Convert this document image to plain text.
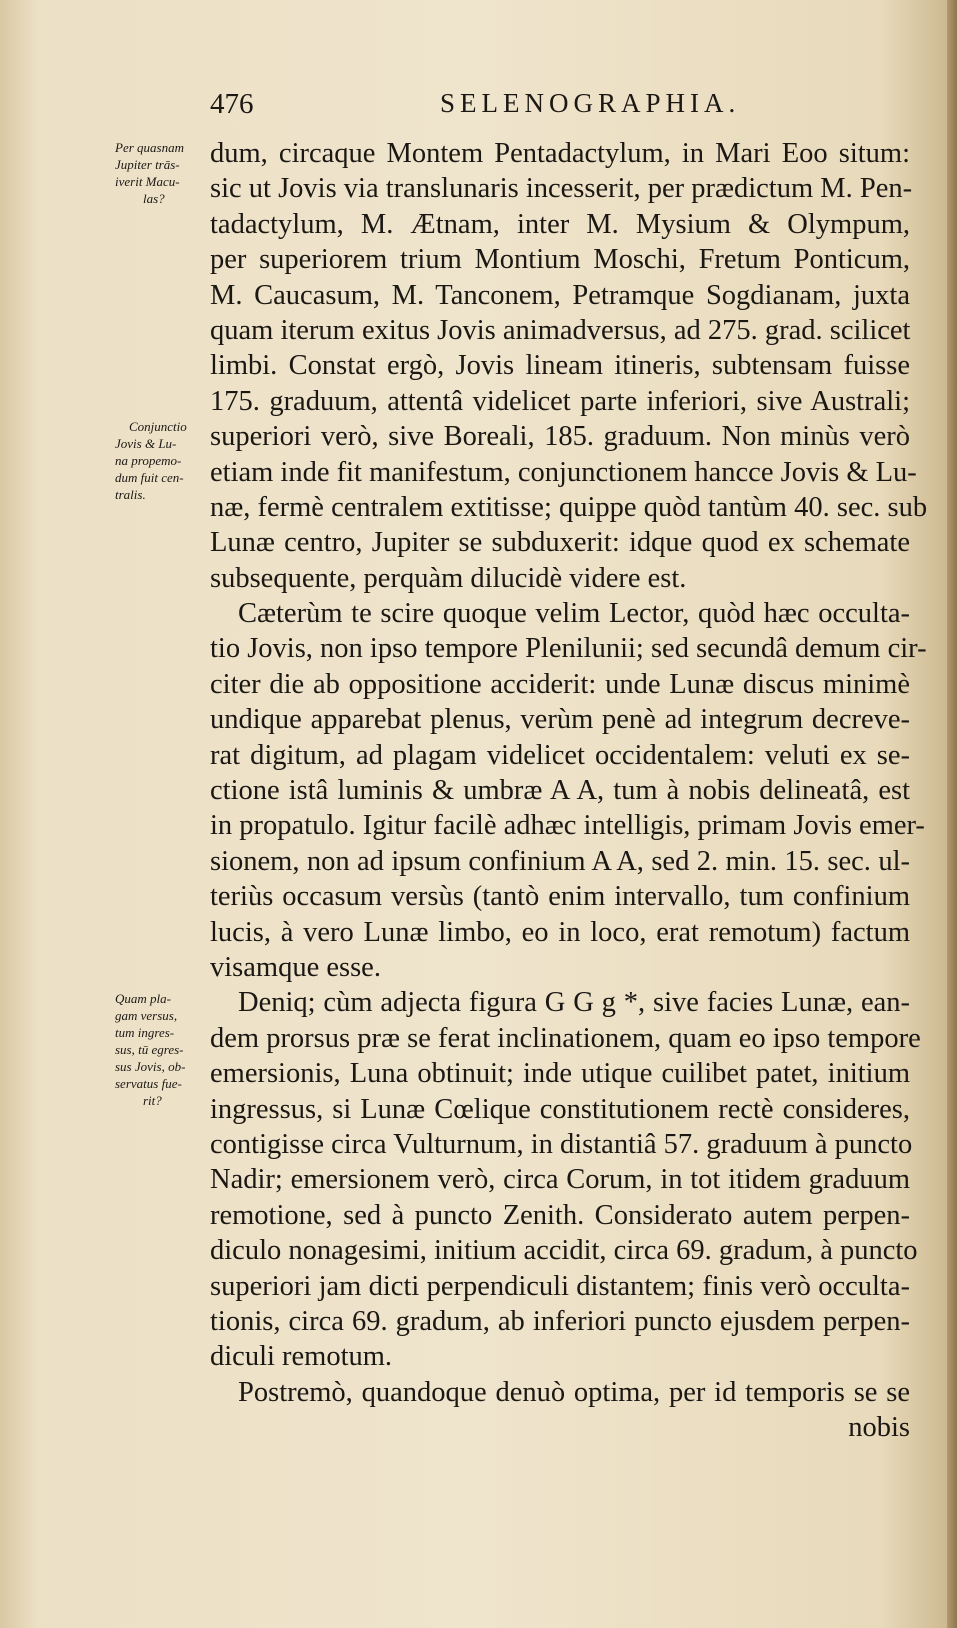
476	SELENOGRAPHIA.
Per quasnam
Jupiter trās-
iverit Macu-
las?
Conjunctio
Jovis & Lu-
na propemo-
dum fuit cen-
tralis.
Quam pla-
gam versus,
tum ingres-
sus, tū egres-
sus Jovis, ob-
servatus fue-
rit?
dum, circaque Montem Pentadactylum, in Mari Eoo situm:
sic ut Jovis via translunaris incesserit, per prædictum M. Pen-
tadactylum, M. Ætnam, inter M. Mysium & Olympum,
per superiorem trium Montium Moschi, Fretum Ponticum,
M. Caucasum, M. Tanconem, Petramque Sogdianam, juxta
quam iterum exitus Jovis animadversus, ad 275. grad. scilicet
limbi. Constat ergò, Jovis lineam itineris, subtensam fuisse
175. graduum, attentâ videlicet parte inferiori, sive Australi;
superiori verò, sive Boreali, 185. graduum. Non minùs verò
etiam inde fit manifestum, conjunctionem hancce Jovis & Lu-
næ, fermè centralem extitisse; quippe quòd tantùm 40. sec. sub
Lunæ centro, Jupiter se subduxerit: idque quod ex schemate
subsequente, perquàm dilucidè videre est.
Cæterùm te scire quoque velim Lector, quòd hæc occulta-
tio Jovis, non ipso tempore Plenilunii; sed secundâ demum cir-
citer die ab oppositione acciderit: unde Lunæ discus minimè
undique apparebat plenus, verùm penè ad integrum decreve-
rat digitum, ad plagam videlicet occidentalem: veluti ex se-
ctione istâ luminis & umbræ A A, tum à nobis delineatâ, est
in propatulo. Igitur facilè adhæc intelligis, primam Jovis emer-
sionem, non ad ipsum confinium A A, sed 2. min. 15. sec. ul-
teriùs occasum versùs (tantò enim intervallo, tum confinium
lucis, à vero Lunæ limbo, eo in loco, erat remotum) factum
visamque esse.
Deniq; cùm adjecta figura G G g *, sive facies Lunæ, ean-
dem prorsus præ se ferat inclinationem, quam eo ipso tempore
emersionis, Luna obtinuit; inde utique cuilibet patet, initium
ingressus, si Lunæ Cœlique constitutionem rectè consideres,
contigisse circa Vulturnum, in distantiâ 57. graduum à puncto
Nadir; emersionem verò, circa Corum, in tot itidem graduum
remotione, sed à puncto Zenith. Considerato autem perpen-
diculo nonagesimi, initium accidit, circa 69. gradum, à puncto
superiori jam dicti perpendiculi distantem; finis verò occulta-
tionis, circa 69. gradum, ab inferiori puncto ejusdem perpen-
diculi remotum.
Postremò, quandoque denuò optima, per id temporis se se
nobis
